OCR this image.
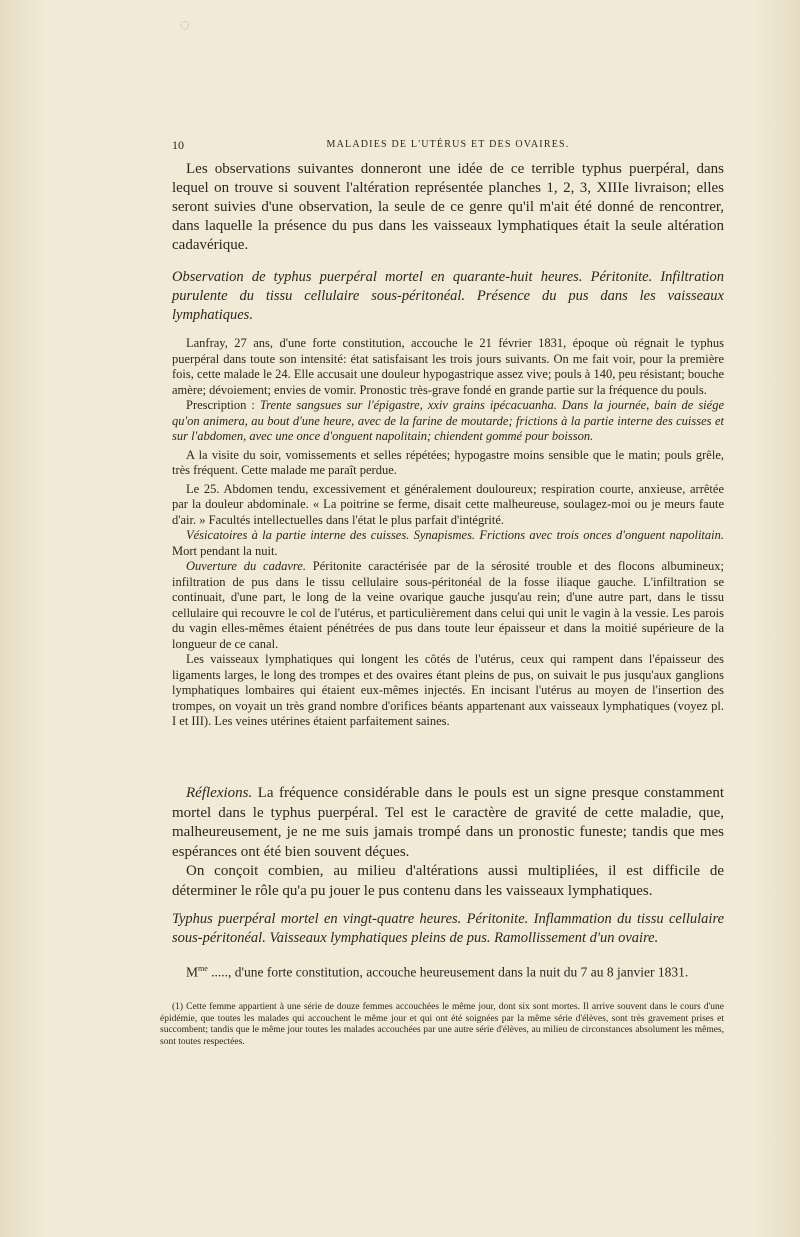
◌
10	MALADIES DE L'UTÉRUS ET DES OVAIRES.

Les observations suivantes donneront une idée de ce terrible typhus puerpéral, dans lequel on trouve si souvent l'altération représentée planches 1, 2, 3, XIIIe livraison; elles seront suivies d'une observation, la seule de ce genre qu'il m'ait été donné de rencontrer, dans laquelle la présence du pus dans les vaisseaux lymphatiques était la seule altération cadavérique.

Observation de typhus puerpéral mortel en quarante-huit heures. Péritonite. Infiltration purulente du tissu cellulaire sous-péritonéal. Présence du pus dans les vaisseaux lymphatiques.

Lanfray, 27 ans, d'une forte constitution, accouche le 21 février 1831, époque où régnait le typhus puerpéral dans toute son intensité: état satisfaisant les trois jours suivants. On me fait voir, pour la première fois, cette malade le 24. Elle accusait une douleur hypogastrique assez vive; pouls à 140, peu résistant; bouche amère; dévoiement; envies de vomir. Pronostic très-grave fondé en grande partie sur la fréquence du pouls.

Prescription : Trente sangsues sur l'épigastre, xxiv grains ipécacuanha. Dans la journée, bain de siége qu'on animera, au bout d'une heure, avec de la farine de moutarde; frictions à la partie interne des cuisses et sur l'abdomen, avec une once d'onguent napolitain; chiendent gommé pour boisson.

A la visite du soir, vomissements et selles répétées; hypogastre moins sensible que le matin; pouls grêle, très fréquent. Cette malade me paraît perdue.

Le 25. Abdomen tendu, excessivement et généralement douloureux; respiration courte, anxieuse, arrêtée par la douleur abdominale. « La poitrine se ferme, disait cette malheureuse, soulagez-moi ou je meurs faute d'air. » Facultés intellectuelles dans l'état le plus parfait d'intégrité.

Vésicatoires à la partie interne des cuisses. Synapismes. Frictions avec trois onces d'onguent napolitain. Mort pendant la nuit.

Ouverture du cadavre. Péritonite caractérisée par de la sérosité trouble et des flocons albumineux; infiltration de pus dans le tissu cellulaire sous-péritonéal de la fosse iliaque gauche. L'infiltration se continuait, d'une part, le long de la veine ovarique gauche jusqu'au rein; d'une autre part, dans le tissu cellulaire qui recouvre le col de l'utérus, et particulièrement dans celui qui unit le vagin à la vessie. Les parois du vagin elles-mêmes étaient pénétrées de pus dans toute leur épaisseur et dans la moitié supérieure de la longueur de ce canal.

Les vaisseaux lymphatiques qui longent les côtés de l'utérus, ceux qui rampent dans l'épaisseur des ligaments larges, le long des trompes et des ovaires étant pleins de pus, on suivait le pus jusqu'aux ganglions lymphatiques lombaires qui étaient eux-mêmes injectés. En incisant l'utérus au moyen de l'insertion des trompes, on voyait un très grand nombre d'orifices béants appartenant aux vaisseaux lymphatiques (voyez pl. I et III). Les veines utérines étaient parfaitement saines.

Réflexions. La fréquence considérable dans le pouls est un signe presque constamment mortel dans le typhus puerpéral. Tel est le caractère de gravité de cette maladie, que, malheureusement, je ne me suis jamais trompé dans un pronostic funeste; tandis que mes espérances ont été bien souvent déçues.

On conçoit combien, au milieu d'altérations aussi multipliées, il est difficile de déterminer le rôle qu'a pu jouer le pus contenu dans les vaisseaux lymphatiques.

Typhus puerpéral mortel en vingt-quatre heures. Péritonite. Inflammation du tissu cellulaire sous-péritonéal. Vaisseaux lymphatiques pleins de pus. Ramollissement d'un ovaire.
$M^{me}$ ....., d'une forte constitution, accouche heureusement dans la nuit du 7 au 8 janvier 1831.

(1) Cette femme appartient à une série de douze femmes accouchées le même jour, dont six sont mortes. Il arrive souvent dans le cours d'une épidémie, que toutes les malades qui accouchent le même jour et qui ont été soignées par la même série d'élèves, sont très gravement prises et succombent; tandis que le même jour toutes les malades accouchées par une autre série d'élèves, au milieu de circonstances absolument les mêmes, sont toutes respectées.
